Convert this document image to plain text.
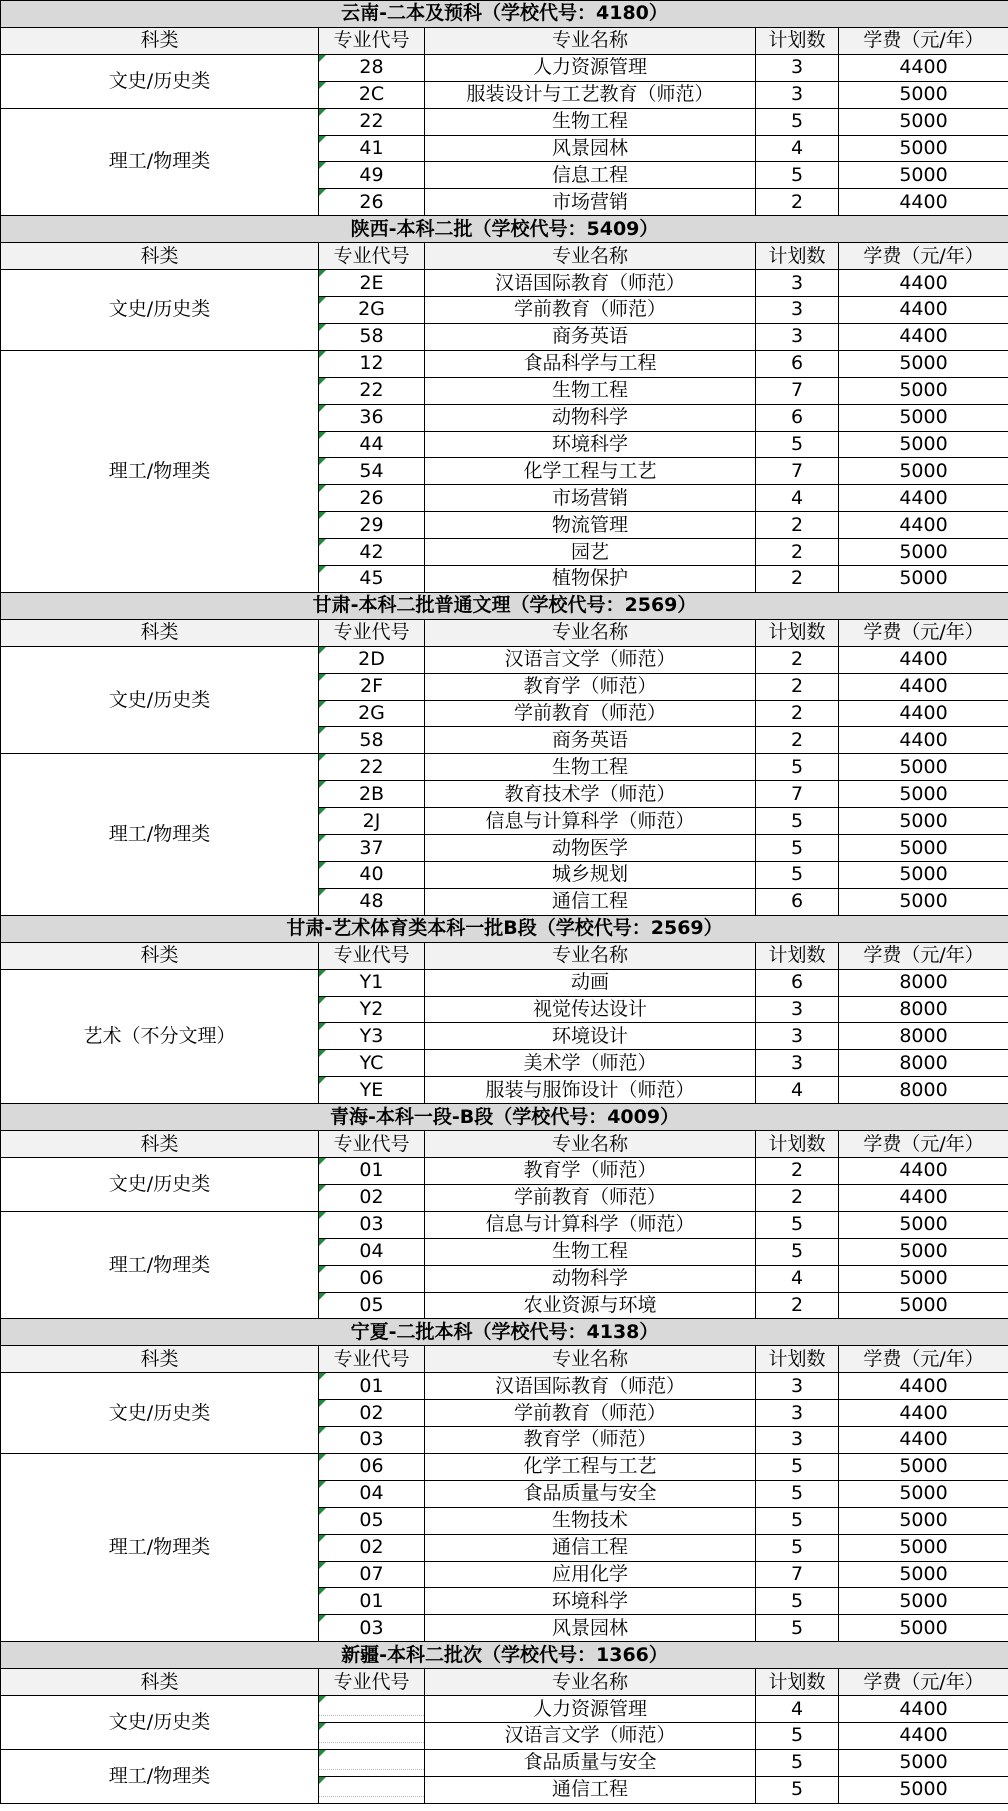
云南-二本及预科（学校代号：4180）				
科类	专业代号	专业名称	计划数	学费（元/年）
文史/历史类	28	人力资源管理	3	4400
	2C	服装设计与工艺教育（师范）	3	5000
理工/物理类	22	生物工程	5	5000
	41	风景园林	4	5000
	49	信息工程	5	5000
	26	市场营销	2	4400
陕西-本科二批（学校代号：5409）				
科类	专业代号	专业名称	计划数	学费（元/年）
文史/历史类	2E	汉语国际教育（师范）	3	4400
	2G	学前教育（师范）	3	4400
	58	商务英语	3	4400
理工/物理类	12	食品科学与工程	6	5000
	22	生物工程	7	5000
	36	动物科学	6	5000
	44	环境科学	5	5000
	54	化学工程与工艺	7	5000
	26	市场营销	4	4400
	29	物流管理	2	4400
	42	园艺	2	5000
	45	植物保护	2	5000
甘肃-本科二批普通文理（学校代号：2569）				
科类	专业代号	专业名称	计划数	学费（元/年）
文史/历史类	2D	汉语言文学（师范）	2	4400
	2F	教育学（师范）	2	4400
	2G	学前教育（师范）	2	4400
	58	商务英语	2	4400
理工/物理类	22	生物工程	5	5000
	2B	教育技术学（师范）	7	5000
	2J	信息与计算科学（师范）	5	5000
	37	动物医学	5	5000
	40	城乡规划	5	5000
	48	通信工程	6	5000
甘肃-艺术体育类本科一批B段（学校代号：2569）				
科类	专业代号	专业名称	计划数	学费（元/年）
艺术（不分文理）	Y1	动画	6	8000
	Y2	视觉传达设计	3	8000
	Y3	环境设计	3	8000
	YC	美术学（师范）	3	8000
	YE	服装与服饰设计（师范）	4	8000
青海-本科一段-B段（学校代号：4009）				
科类	专业代号	专业名称	计划数	学费（元/年）
文史/历史类	01	教育学（师范）	2	4400
	02	学前教育（师范）	2	4400
理工/物理类	03	信息与计算科学（师范）	5	5000
	04	生物工程	5	5000
	06	动物科学	4	5000
	05	农业资源与环境	2	5000
宁夏-二批本科（学校代号：4138）				
科类	专业代号	专业名称	计划数	学费（元/年）
文史/历史类	01	汉语国际教育（师范）	3	4400
	02	学前教育（师范）	3	4400
	03	教育学（师范）	3	4400
理工/物理类	06	化学工程与工艺	5	5000
	04	食品质量与安全	5	5000
	05	生物技术	5	5000
	02	通信工程	5	5000
	07	应用化学	7	5000
	01	环境科学	5	5000
	03	风景园林	5	5000
新疆-本科二批次（学校代号：1366）				
科类	专业代号	专业名称	计划数	学费（元/年）
文史/历史类		人力资源管理	4	4400
		汉语言文学（师范）	5	4400
理工/物理类		食品质量与安全	5	5000
		通信工程	5	5000
